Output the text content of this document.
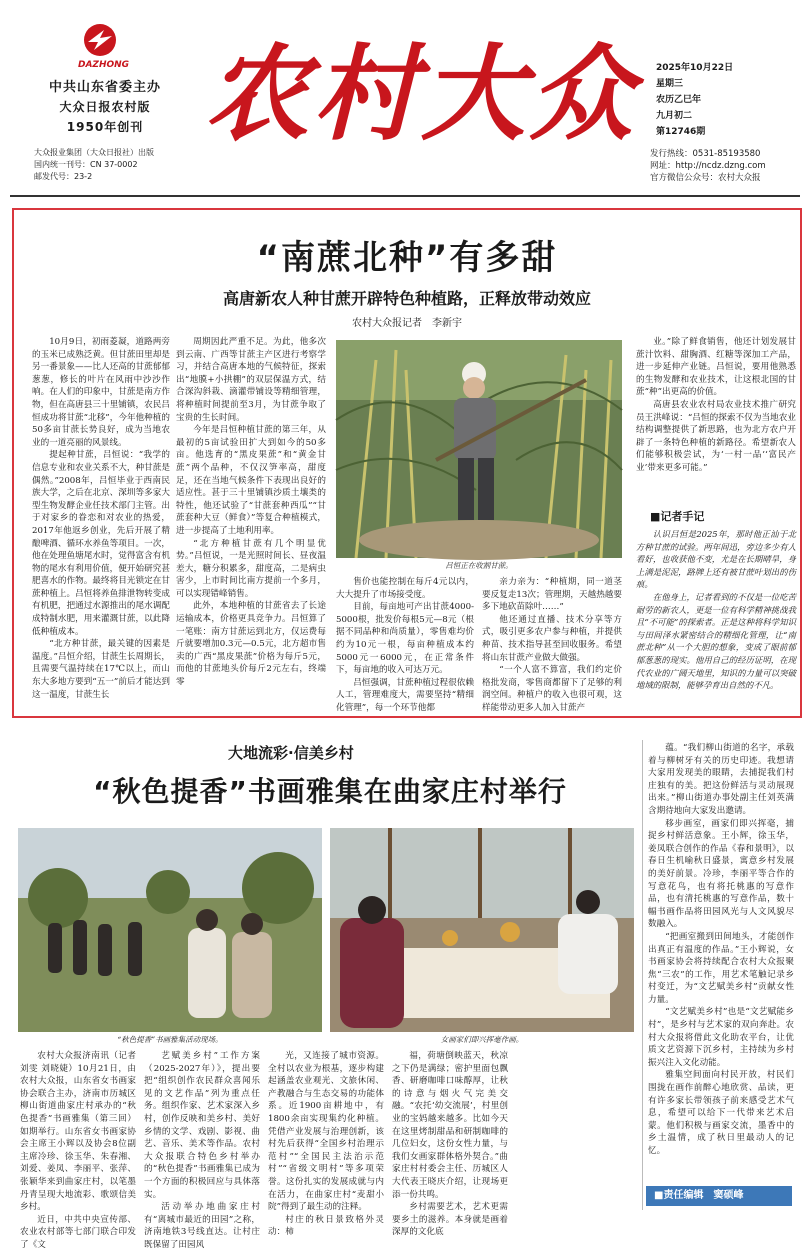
DAZHONG
中共山东省委主办
大众日报农村版
1950年创刊
大众报业集团（大众日报社）出版
国内统一刊号：CN 37-0002
邮发代号：23-2
农村大众	2025年10月22日
星期三
农历乙巳年
九月初二
第12746期
发行热线：0531-85193580
网址：http://ncdz.dzng.com
官方微信公众号：农村大众报
“南蔗北种”有多甜
高唐新农人种甘蔗开辟特色种植路，正释放带动效应
农村大众报记者　李新宇

10月9日，初雨菱凝，道路两旁的玉米已成熟泛黄。但甘蔗田里却是另一番景象——比人还高的甘蔗郁郁葱葱，修长的叶片在风雨中沙沙作响。在人们的印象中，甘蔗是南方作物，但在高唐县三十里铺镇，农民吕恒成功将甘蔗“北移”，今年他种植的50多亩甘蔗长势良好，成为当地农业的一道亮丽的风景线。

提起种甘蔗，吕恒说：“我学的信息专业和农业关系不大，种甘蔗是偶然。”2008年，吕恒毕业于西南民族大学，之后在北京、深圳等多家大型生物发酵企业任技术部门主管。出于对家乡的眷恋和对农业的热爱，2017年他返乡创业，先后开展了精酿啤酒、循环水养鱼等项目。一次，他在处理鱼塘尾水时，觉得富含有机物的尾水有利用价值，便开始研究甚肥喜水的作物。最终将目光锁定在甘蔗种植上。吕恒将养鱼排泄物转变成有机肥，把通过水源推出的尾水调配成特制水肥，用来灌溉甘蔗，以此降低种植成本。

“北方种甘蔗，最关键的因素是温度。”吕恒介绍，甘蔗生长周期长，且需要气温持续在17℃以上，而山东大多地方要到“五一”前后才能达到这一温度，甘蔗生长

周期因此严重不足。为此，他多次到云南、广西等甘蔗主产区进行考察学习，并结合高唐本地的气候特征，探索出“地膜+小拱棚”的双层保温方式，结合深沟斜栽、滴灌带铺设等精细管理，将种植时间提前至3月，为甘蔗争取了宝贵的生长时间。

今年是吕恒种植甘蔗的第三年，从最初的5亩试验田扩大到如今的50多亩。他选育的“黑皮果蔗”和“黄金甘蔗”两个品种，不仅汉笋率高，甜度足，还在当地气候条件下表现出良好的适应性。甚于三十里铺镇沙质土壤类的特性，他还试验了“甘蔗套种西瓜”“甘蔗套种大豆（鲜食）”等复合种植模式，进一步提高了土地利用率。

“北方种植甘蔗有几个明显优势。”吕恒说，一是光照时间长、昼夜温差大，糖分积累多，甜度高，二是病虫害少，上市时间比南方提前一个多月，可以实现错峰销售。

此外，本地种植的甘蔗省去了长途运输成本，价格更具竞争力。吕恒算了一笔账：南方甘蔗运到北方，仅运费每斤就要增加0.3元—0.5元，北方超市售卖的广西“黑皮果蔗”价格为每斤5元，而他的甘蔗地头价每斤2元左右，终端零

吕恒正在收割甘蔗。

售价也能控制在每斤4元以内，大大提升了市场接受度。

目前，每亩地可产出甘蔗4000-5000根，批发价每根5元—8元（根据不同品种和尚质量），零售难均价约为10元一根，每亩种植成本约5000元一6000元，在正常条件下，每亩地的收入可达万元。

吕恒强调，甘蔗种植过程很依赖人工，管理难度大，需要坚持“精细化管理”，每一个环节他都

亲力亲为：“种植期，同一道茎要反复走13次；管理期，天越热越要多下地砍苗除叶……”

他还通过直播、技术分享等方式，吸引更多农户参与种植，并提供种苗、技术指导甚至回收服务。希望将山东甘蔗产业做大做强。

“一个人富不算富，我们约定价格批发商，零售商都留下了足够的利润空间。种植户的收入也很可观，这样能带动更多人加入甘蔗产

业。”除了鲜食销售，他还计划发展甘蔗汁饮料、甜胸酒、红糖等深加工产品，进一步延伸产业链。吕恒说，要用他熟悉的生物发酵和农业技术，让这根北国的甘蔗“种”出更高的价值。

高唐县农业农村局农业技术推广研究员王洪峰说：“吕恒的探索不仅为当地农业结构调整提供了新思路，也为北方农户开辟了一条特色种植的新路径。希望新农人们能够积极尝试，为‘一村一品’‘富民产业’带来更多可能。”

■记者手记

认识吕恒是2025年，那时他正汕于北方种甘蔗的试验。两年间迅，旁边多少有人看好，也收获他不变，尤是在长期晴旱，身上满是泥泥，路牌上还有被甘蔗叶划出的伤痕。

在他身上，记者看到的不仅是一位吃苦耐劳的新农人，更是一位有科学精神挑战我且“不可能”的探索者。正是这种将科学知识与田间泽水紧密结合的精细化管理，让“南蔗北种”从一个大胆的想象，变成了眼前郁郁葱葱的现实。他用自己的经历证明，在现代农业的广阔天地里，知识的力量可以突破地域的限制，能够孕育出自然的不凡。

大地流彩·信美乡村
“秋色提香”书画雅集在曲家庄村举行
“秋色提香”书画雅集活动现场。	女画家们即兴挥毫作画。

农村大众报济南讯（记者刘雯 刘晓婕）10月21日，由农村大众报，山东省女书画家协会联合主办，济南市历城区柳山街道曲家庄村承办的“秋色提香”书画雅集（第三回）如期举行。山东省女书画家协会主席王小辉以及协会8位副主席冷珍、徐玉华、朱春湘、刘爱、姜凤、李丽平、张萍、张颖华来到曲家庄村，以笔墨丹青呈现大地流彩、歌颂信美乡村。

近日，中共中央宣传部、农业农村部等七部门联合印发了《文

艺赋美乡村”工作方案（2025-2027年）》，提出要把“组织创作农民群众喜闻乐见的文艺作品”列为重点任务。组织作家、艺术家深入乡村，创作反映和美乡村、美好乡情的文学、戏剧、影视、曲艺、音乐、美术等作品。农村大众报联合特色乡村举办的“秋色提香”书画雅集已成为一个方面的积极回应与具体落实。

活动举办地曲家庄村有“离城市最近的田园”之称，济南地铁3号线直达。让村庄既保留了田园风

光，又连接了城市资源。全村以农业为根基，逐步构建起涵盖农业观光、文旅休闲、产教融合与生态交易的功能体系。近1900亩耕地中，有1800余亩实现集约化种植。凭借产业发展与治理创新，该村先后获得“全国乡村治理示范村”“全国民主法治示范村”“省级文明村”等多项荣誉。这份扎实的发展成就与内在活力，在曲家庄村“麦甜小院”得到了最生动的注释。

村庄的秋日景致格外灵动：柿

福，荷塘倒映蓝天，秋凉之下仍是满绿；密护里面包飘香、研磨咖啡口味醇厚，让秋的诗意与烟火气完美交融。“农托‘幼交流展’，村里创业的宝妈越来越多。比如今天在这里烤制甜品和研制咖啡的几位妇女，这份女性力量，与我们女画家群体格外契合。”曲家庄村村委会主任、历城区人大代表王晓庆介绍，让现场更添一份共鸣。

乡村需要艺术，艺术更需要乡土的滋养。本身就是画着深厚的文化底

蕴。“我们柳山街道的名字，承载着与柳树牙有关的历史印迹。我想请大家用发现美的眼睛，去捕捉我们村庄独有的美。把这份鲜活与灵动展现出来。”柳山街道办事处副主任刘英满含期待地向大家发出邀请。

移步画室，画家们即兴挥毫，捕捉乡村鲜活意象。王小辉，徐玉华，姜凤联合创作的作品《春和景明》，以春日生机喻秋日盛景，寓意乡村发展的美好前景。冷珍，李丽平等合作的写意花鸟，也有将托桃惠的写意作品，也有清托桃惠的写意作品，数十幅书画作品将田园风光与人文风貌尽数融入。

“把画室搬到田间地头，才能创作出真正有温度的作品。”王小辉说，女书画家协会将持续配合农村大众报聚焦“三农”的工作，用艺术笔触记录乡村变迁，为“文艺赋美乡村”贡献女性力量。

“文艺赋美乡村”也是“文艺赋能乡村”，是乡村与艺术家的双向奔赴。农村大众报将借此文化助农平台，让优质文艺资源下沉乡村，主持续为乡村振兴注入文化动能。

雅集空间面向村民开放，村民们围拢在画作前醉心地欣赏、品读，更有许多家长带领孩子前来感受艺术气息，希望可以给下一代带来艺术启蒙。他们积极与画家交流，墨香中的乡土温情，成了秋日里最动人的记忆。

■责任编辑　窦硕峰
